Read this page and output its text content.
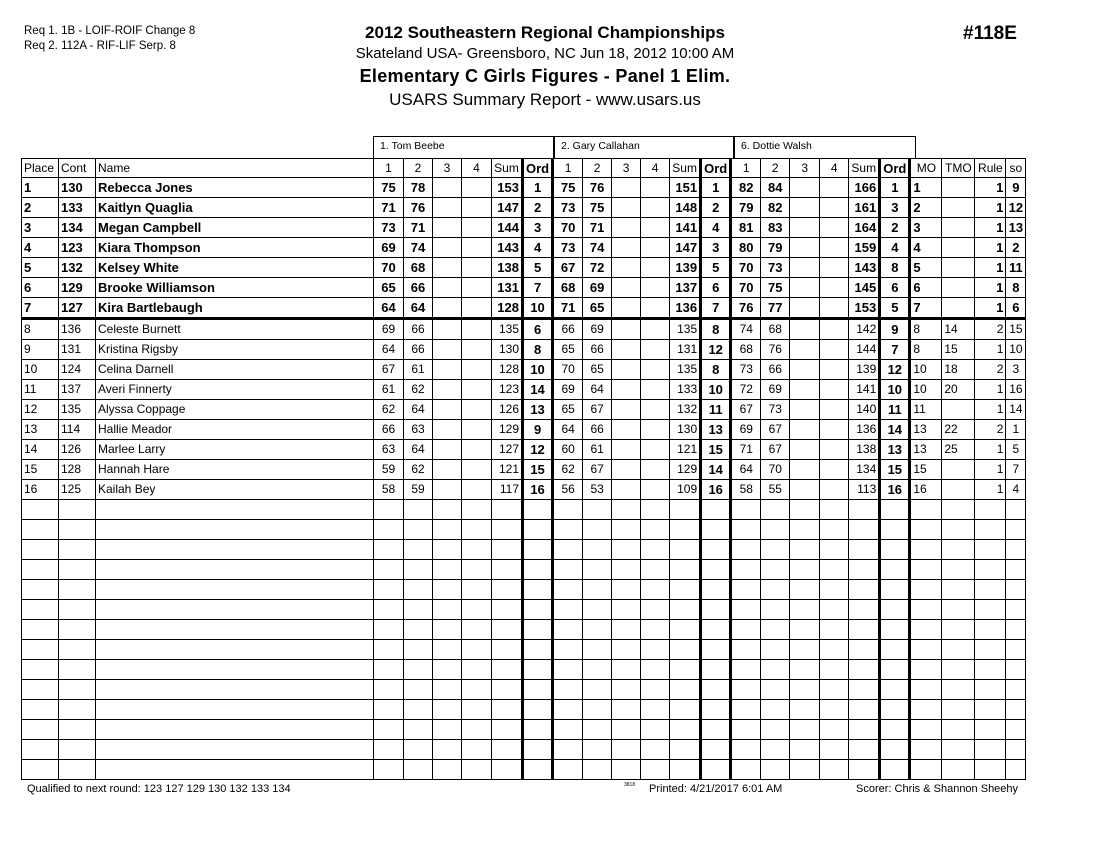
Req 1. 1B - LOIF-ROIF Change 8
Req 2. 112A - RIF-LIF Serp. 8
2012 Southeastern Regional Championships
Skateland USA- Greensboro, NC Jun 18, 2012 10:00 AM
Elementary C Girls Figures - Panel 1 Elim.
USARS Summary Report - www.usars.us
#118E
1. Tom Beebe	2. Gary Callahan	6. Dottie Walsh
Place	Cont	Name	1	2	3	4	Sum	Ord	1	2	3	4	Sum	Ord	1	2	3	4	Sum	Ord	MO	TMO	Rule	so
1	130	Rebecca Jones	75	78			153	1	75	76			151	1	82	84			166	1	1		1	9
2	133	Kaitlyn Quaglia	71	76			147	2	73	75			148	2	79	82			161	3	2		1	12
3	134	Megan Campbell	73	71			144	3	70	71			141	4	81	83			164	2	3		1	13
4	123	Kiara Thompson	69	74			143	4	73	74			147	3	80	79			159	4	4		1	2
5	132	Kelsey White	70	68			138	5	67	72			139	5	70	73			143	8	5		1	11
6	129	Brooke Williamson	65	66			131	7	68	69			137	6	70	75			145	6	6		1	8
7	127	Kira Bartlebaugh	64	64			128	10	71	65			136	7	76	77			153	5	7		1	6
8	136	Celeste Burnett	69	66			135	6	66	69			135	8	74	68			142	9	8	14	2	15
9	131	Kristina Rigsby	64	66			130	8	65	66			131	12	68	76			144	7	8	15	1	10
10	124	Celina Darnell	67	61			128	10	70	65			135	8	73	66			139	12	10	18	2	3
11	137	Averi Finnerty	61	62			123	14	69	64			133	10	72	69			141	10	10	20	1	16
12	135	Alyssa Coppage	62	64			126	13	65	67			132	11	67	73			140	11	11		1	14
13	114	Hallie Meador	66	63			129	9	64	66			130	13	69	67			136	14	13	22	2	1
14	126	Marlee Larry	63	64			127	12	60	61			121	15	71	67			138	13	13	25	1	5
15	128	Hannah Hare	59	62			121	15	62	67			129	14	64	70			134	15	15		1	7
16	125	Kailah Bey	58	59			117	16	56	53			109	16	58	55			113	16	16		1	4

Qualified to next round: 123 127 129 130 132 133 134	3818 Printed: 4/21/2017 6:01 AM	Scorer: Chris & Shannon Sheehy
